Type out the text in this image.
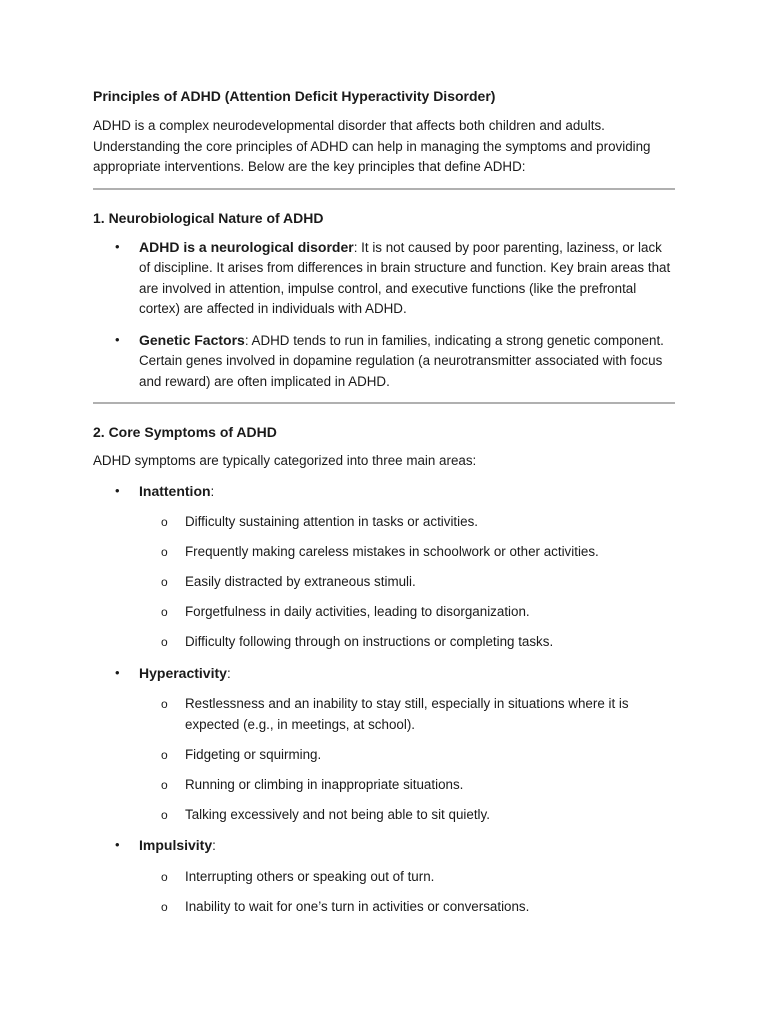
Principles of ADHD (Attention Deficit Hyperactivity Disorder)

ADHD is a complex neurodevelopmental disorder that affects both children and adults. Understanding the core principles of ADHD can help in managing the symptoms and providing appropriate interventions. Below are the key principles that define ADHD:

1. Neurobiological Nature of ADHD
• ADHD is a neurological disorder: It is not caused by poor parenting, laziness, or lack of discipline. It arises from differences in brain structure and function. Key brain areas that are involved in attention, impulse control, and executive functions (like the prefrontal cortex) are affected in individuals with ADHD.
• Genetic Factors: ADHD tends to run in families, indicating a strong genetic component. Certain genes involved in dopamine regulation (a neurotransmitter associated with focus and reward) are often implicated in ADHD.
2. Core Symptoms of ADHD

ADHD symptoms are typically categorized into three main areas:

• Inattention:
o Difficulty sustaining attention in tasks or activities.
o Frequently making careless mistakes in schoolwork or other activities.
o Easily distracted by extraneous stimuli.
o Forgetfulness in daily activities, leading to disorganization.
o Difficulty following through on instructions or completing tasks.
• Hyperactivity:
o Restlessness and an inability to stay still, especially in situations where it is expected (e.g., in meetings, at school).
o Fidgeting or squirming.
o Running or climbing in inappropriate situations.
o Talking excessively and not being able to sit quietly.
• Impulsivity:
o Interrupting others or speaking out of turn.
o Inability to wait for one’s turn in activities or conversations.
